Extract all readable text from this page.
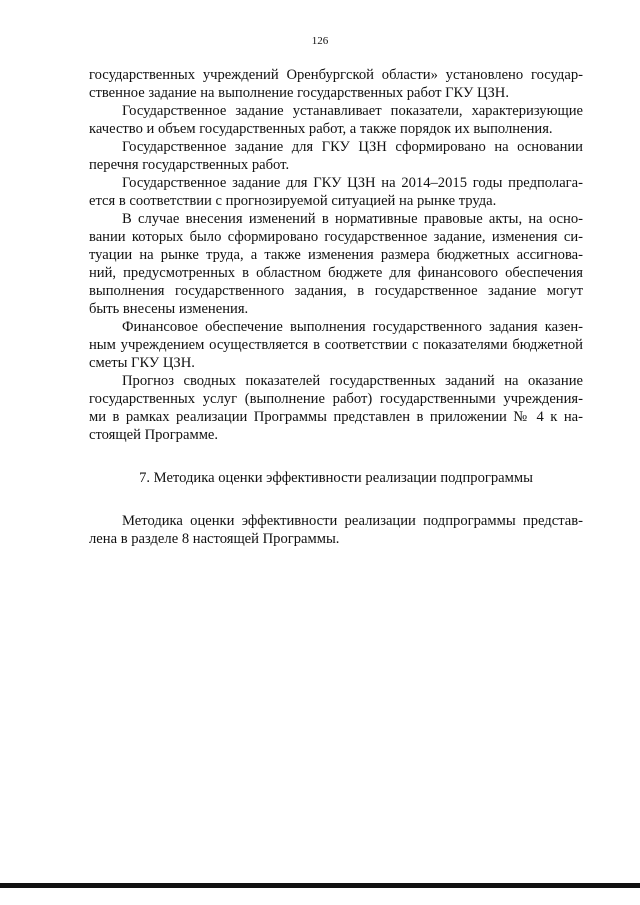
126

государственных учреждений Оренбургской области» установлено государ-
ственное задание на выполнение государственных работ ГКУ ЦЗН.

Государственное задание устанавливает показатели, характеризующие
качество и объем государственных работ, а также порядок их выполнения.

Государственное задание для ГКУ ЦЗН сформировано на основании
перечня государственных работ.

Государственное задание для ГКУ ЦЗН на 2014–2015 годы предполага-
ется в соответствии с прогнозируемой ситуацией на рынке труда.

В случае внесения изменений в нормативные правовые акты, на осно-
вании которых было сформировано государственное задание, изменения си-
туации на рынке труда, а также изменения размера бюджетных ассигнова-
ний, предусмотренных в областном бюджете для финансового обеспечения
выполнения государственного задания, в государственное задание могут
быть внесены изменения.

Финансовое обеспечение выполнения государственного задания казен-
ным учреждением осуществляется в соответствии с показателями бюджетной
сметы ГКУ ЦЗН.

Прогноз сводных показателей государственных заданий на оказание
государственных услуг (выполнение работ) государственными учреждения-
ми в рамках реализации Программы представлен в приложении № 4 к на-
стоящей Программе.

7. Методика оценки эффективности реализации подпрограммы

Методика оценки эффективности реализации подпрограммы представ-
лена в разделе 8 настоящей Программы.
